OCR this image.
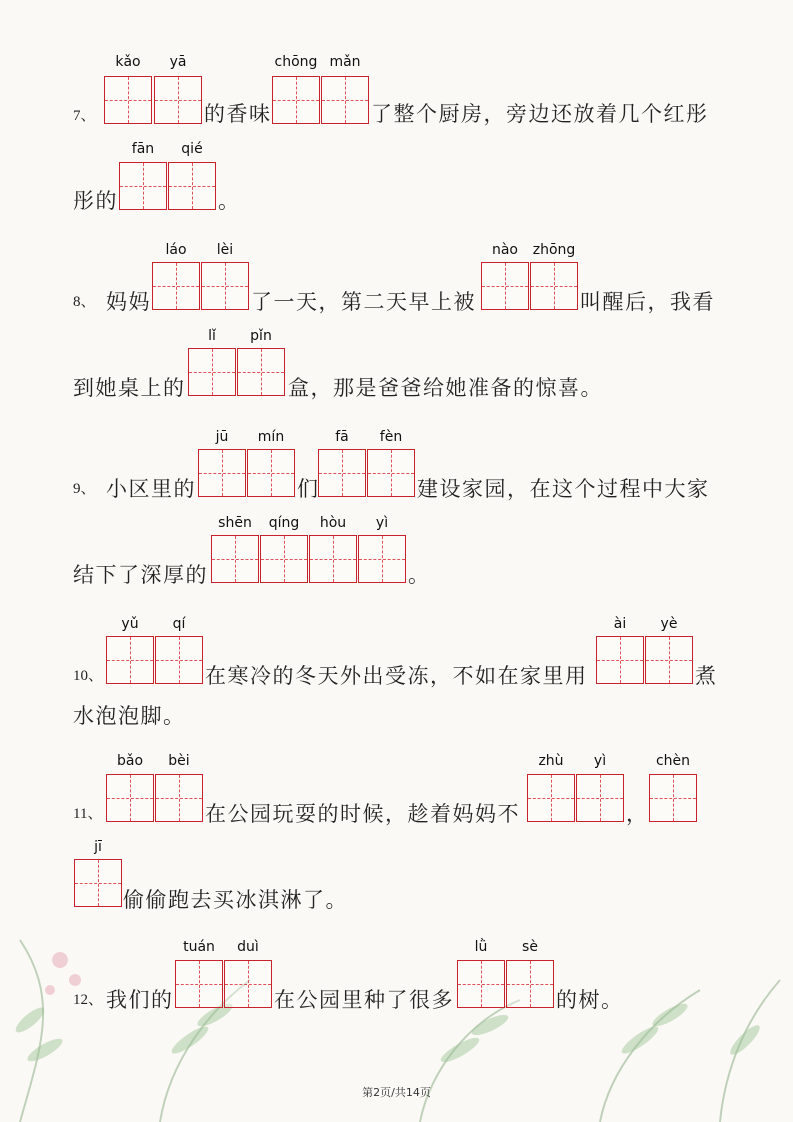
kǎo	yā	chōng mǎn
7、	的香味	了整个厨房，旁边还放着几个红彤
fān	qié
彤的	。
láo	lèi	nào	zhōng
8、 妈妈	了一天，第二天早上被	叫醒后，我看
lǐ	pǐn
到她桌上的	盒，那是爸爸给她准备的惊喜。
jū	mín	fā	fèn
9、 小区里的	们	建设家园，在这个过程中大家
shēn	qíng	hòu	yì
结下了深厚的	。
yǔ	qí	ài	yè
10、	在寒冷的冬天外出受冻，不如在家里用	煮
水泡泡脚。
bǎo	bèi	zhù	yì	chèn
11、	在公园玩耍的时候，趁着妈妈不	，
jī
偷偷跑去买冰淇淋了。
tuán	duì	lǜ	sè
12、 我们的	在公园里种了很多	的树。
第2页/共14页
